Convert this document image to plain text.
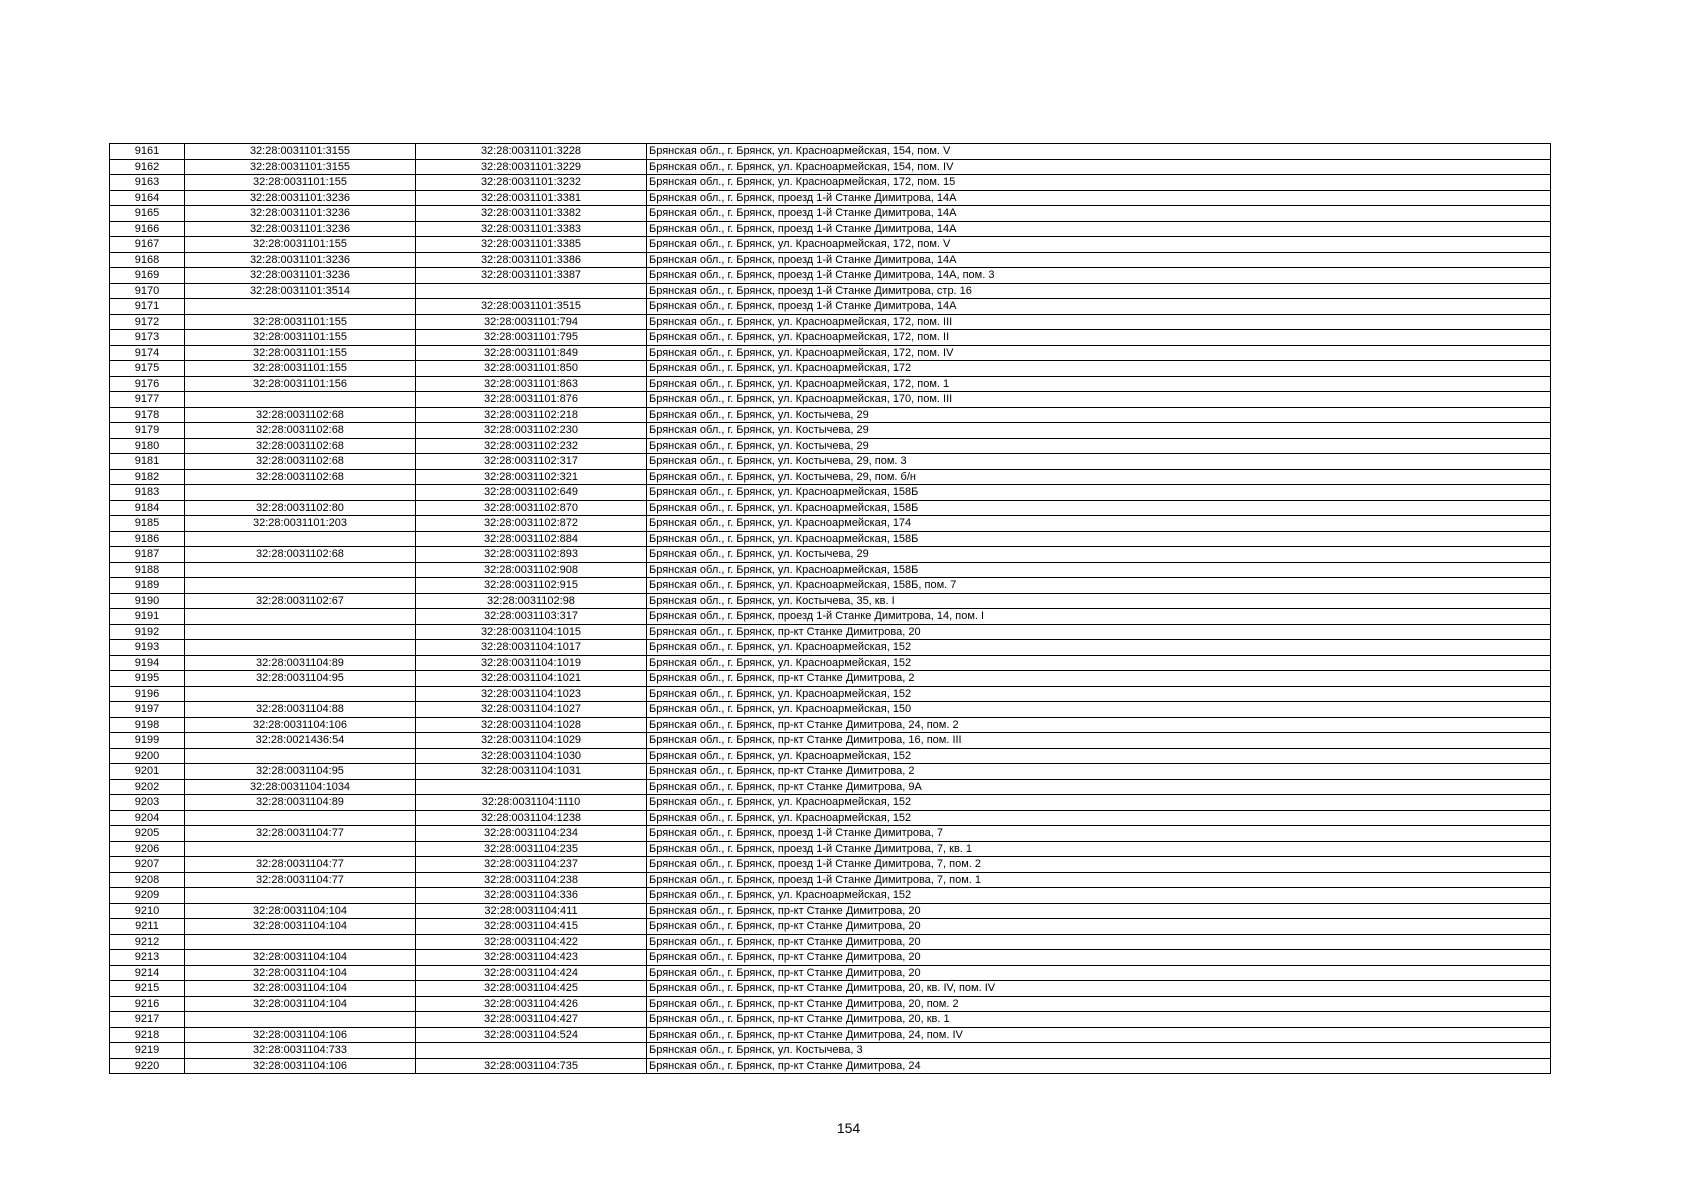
9161	32:28:0031101:3155	32:28:0031101:3228	Брянская обл., г. Брянск, ул. Красноармейская, 154, пом. V
9162	32:28:0031101:3155	32:28:0031101:3229	Брянская обл., г. Брянск, ул. Красноармейская, 154, пом. IV
9163	32:28:0031101:155	32:28:0031101:3232	Брянская обл., г. Брянск, ул. Красноармейская, 172, пом. 15
9164	32:28:0031101:3236	32:28:0031101:3381	Брянская обл., г. Брянск, проезд 1-й Станке Димитрова, 14А
9165	32:28:0031101:3236	32:28:0031101:3382	Брянская обл., г. Брянск, проезд 1-й Станке Димитрова, 14А
9166	32:28:0031101:3236	32:28:0031101:3383	Брянская обл., г. Брянск, проезд 1-й Станке Димитрова, 14А
9167	32:28:0031101:155	32:28:0031101:3385	Брянская обл., г. Брянск, ул. Красноармейская, 172, пом. V
9168	32:28:0031101:3236	32:28:0031101:3386	Брянская обл., г. Брянск, проезд 1-й Станке Димитрова, 14А
9169	32:28:0031101:3236	32:28:0031101:3387	Брянская обл., г. Брянск, проезд 1-й Станке Димитрова, 14А, пом. 3
9170	32:28:0031101:3514		Брянская обл., г. Брянск, проезд 1-й Станке Димитрова, стр. 16
9171		32:28:0031101:3515	Брянская обл., г. Брянск, проезд 1-й Станке Димитрова, 14А
9172	32:28:0031101:155	32:28:0031101:794	Брянская обл., г. Брянск, ул. Красноармейская, 172, пом. III
9173	32:28:0031101:155	32:28:0031101:795	Брянская обл., г. Брянск, ул. Красноармейская, 172, пом. II
9174	32:28:0031101:155	32:28:0031101:849	Брянская обл., г. Брянск, ул. Красноармейская, 172, пом. IV
9175	32:28:0031101:155	32:28:0031101:850	Брянская обл., г. Брянск, ул. Красноармейская, 172
9176	32:28:0031101:156	32:28:0031101:863	Брянская обл., г. Брянск, ул. Красноармейская, 172, пом. 1
9177		32:28:0031101:876	Брянская обл., г. Брянск, ул. Красноармейская, 170, пом. III
9178	32:28:0031102:68	32:28:0031102:218	Брянская обл., г. Брянск, ул. Костычева, 29
9179	32:28:0031102:68	32:28:0031102:230	Брянская обл., г. Брянск, ул. Костычева, 29
9180	32:28:0031102:68	32:28:0031102:232	Брянская обл., г. Брянск, ул. Костычева, 29
9181	32:28:0031102:68	32:28:0031102:317	Брянская обл., г. Брянск, ул. Костычева, 29, пом. 3
9182	32:28:0031102:68	32:28:0031102:321	Брянская обл., г. Брянск, ул. Костычева, 29, пом. б/н
9183		32:28:0031102:649	Брянская обл., г. Брянск, ул. Красноармейская, 158Б
9184	32:28:0031102:80	32:28:0031102:870	Брянская обл., г. Брянск, ул. Красноармейская, 158Б
9185	32:28:0031101:203	32:28:0031102:872	Брянская обл., г. Брянск, ул. Красноармейская, 174
9186		32:28:0031102:884	Брянская обл., г. Брянск, ул. Красноармейская, 158Б
9187	32:28:0031102:68	32:28:0031102:893	Брянская обл., г. Брянск, ул. Костычева, 29
9188		32:28:0031102:908	Брянская обл., г. Брянск, ул. Красноармейская, 158Б
9189		32:28:0031102:915	Брянская обл., г. Брянск, ул. Красноармейская, 158Б, пом. 7
9190	32:28:0031102:67	32:28:0031102:98	Брянская обл., г. Брянск, ул. Костычева, 35, кв. I
9191		32:28:0031103:317	Брянская обл., г. Брянск, проезд 1-й Станке Димитрова, 14, пом. I
9192		32:28:0031104:1015	Брянская обл., г. Брянск, пр-кт Станке Димитрова, 20
9193		32:28:0031104:1017	Брянская обл., г. Брянск, ул. Красноармейская, 152
9194	32:28:0031104:89	32:28:0031104:1019	Брянская обл., г. Брянск, ул. Красноармейская, 152
9195	32:28:0031104:95	32:28:0031104:1021	Брянская обл., г. Брянск, пр-кт Станке Димитрова, 2
9196		32:28:0031104:1023	Брянская обл., г. Брянск, ул. Красноармейская, 152
9197	32:28:0031104:88	32:28:0031104:1027	Брянская обл., г. Брянск, ул. Красноармейская, 150
9198	32:28:0031104:106	32:28:0031104:1028	Брянская обл., г. Брянск, пр-кт Станке Димитрова, 24, пом. 2
9199	32:28:0021436:54	32:28:0031104:1029	Брянская обл., г. Брянск, пр-кт Станке Димитрова, 16, пом. III
9200		32:28:0031104:1030	Брянская обл., г. Брянск, ул. Красноармейская, 152
9201	32:28:0031104:95	32:28:0031104:1031	Брянская обл., г. Брянск, пр-кт Станке Димитрова, 2
9202	32:28:0031104:1034		Брянская обл., г. Брянск, пр-кт Станке Димитрова, 9А
9203	32:28:0031104:89	32:28:0031104:1110	Брянская обл., г. Брянск, ул. Красноармейская, 152
9204		32:28:0031104:1238	Брянская обл., г. Брянск, ул. Красноармейская, 152
9205	32:28:0031104:77	32:28:0031104:234	Брянская обл., г. Брянск, проезд 1-й Станке Димитрова, 7
9206		32:28:0031104:235	Брянская обл., г. Брянск, проезд 1-й Станке Димитрова, 7, кв. 1
9207	32:28:0031104:77	32:28:0031104:237	Брянская обл., г. Брянск, проезд 1-й Станке Димитрова, 7, пом. 2
9208	32:28:0031104:77	32:28:0031104:238	Брянская обл., г. Брянск, проезд 1-й Станке Димитрова, 7, пом. 1
9209		32:28:0031104:336	Брянская обл., г. Брянск, ул. Красноармейская, 152
9210	32:28:0031104:104	32:28:0031104:411	Брянская обл., г. Брянск, пр-кт Станке Димитрова, 20
9211	32:28:0031104:104	32:28:0031104:415	Брянская обл., г. Брянск, пр-кт Станке Димитрова, 20
9212		32:28:0031104:422	Брянская обл., г. Брянск, пр-кт Станке Димитрова, 20
9213	32:28:0031104:104	32:28:0031104:423	Брянская обл., г. Брянск, пр-кт Станке Димитрова, 20
9214	32:28:0031104:104	32:28:0031104:424	Брянская обл., г. Брянск, пр-кт Станке Димитрова, 20
9215	32:28:0031104:104	32:28:0031104:425	Брянская обл., г. Брянск, пр-кт Станке Димитрова, 20, кв. IV, пом. IV
9216	32:28:0031104:104	32:28:0031104:426	Брянская обл., г. Брянск, пр-кт Станке Димитрова, 20, пом. 2
9217		32:28:0031104:427	Брянская обл., г. Брянск, пр-кт Станке Димитрова, 20, кв. 1
9218	32:28:0031104:106	32:28:0031104:524	Брянская обл., г. Брянск, пр-кт Станке Димитрова, 24, пом. IV
9219	32:28:0031104:733		Брянская обл., г. Брянск, ул. Костычева, 3
9220	32:28:0031104:106	32:28:0031104:735	Брянская обл., г. Брянск, пр-кт Станке Димитрова, 24
154
